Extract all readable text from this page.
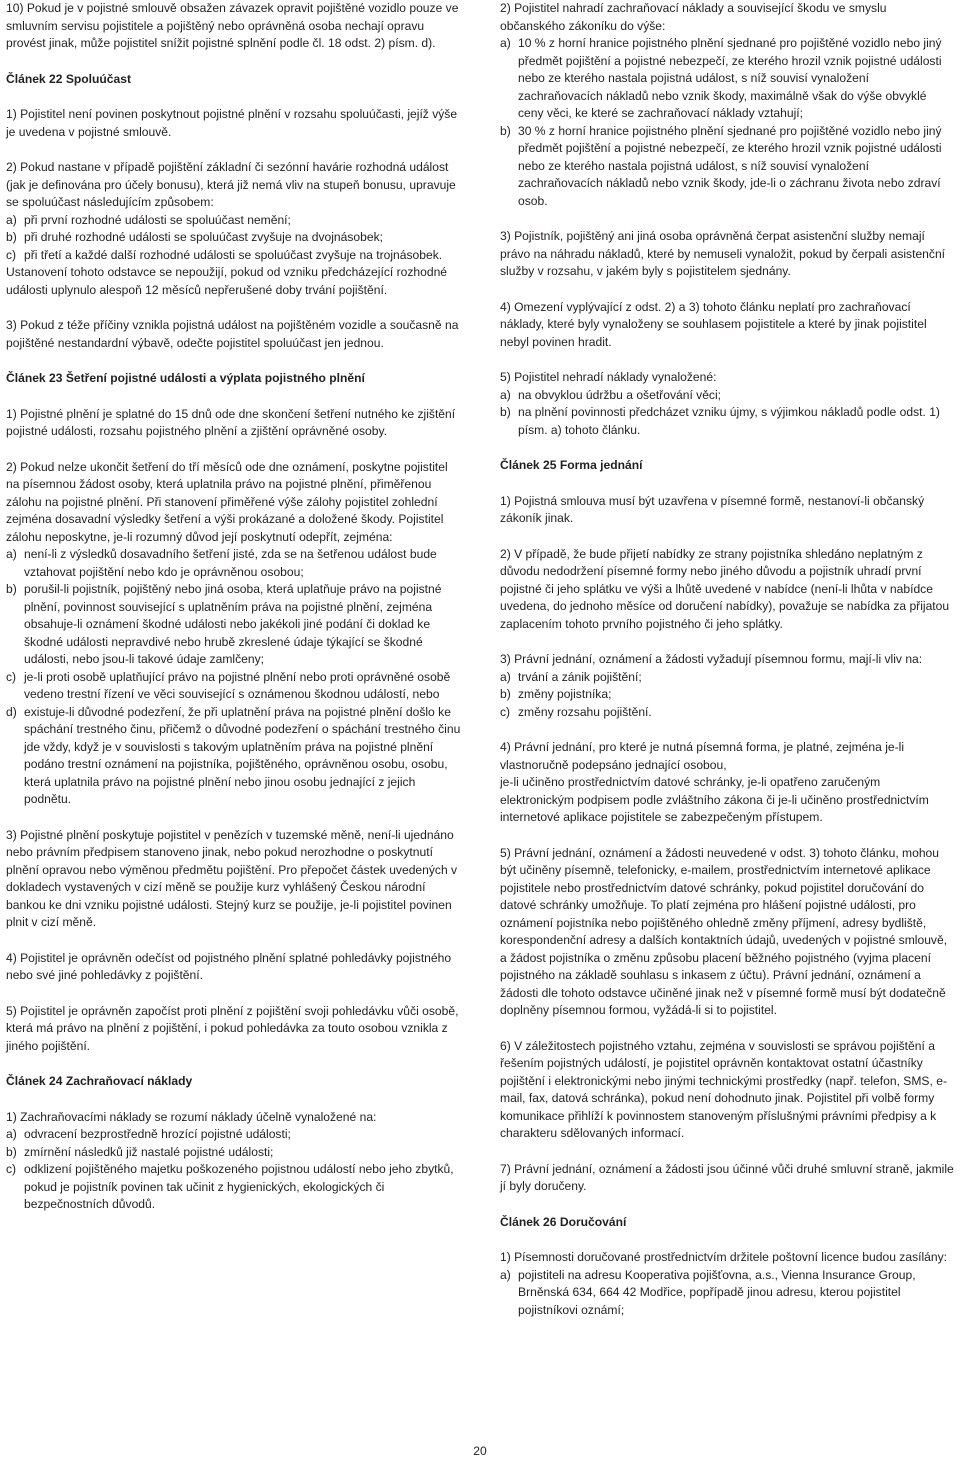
10) Pokud je v pojistné smlouvě obsažen závazek opravit pojištěné vozidlo pouze ve smluvním servisu pojistitele a pojištěný nebo oprávněná osoba nechají opravu provést jinak, může pojistitel snížit pojistné splnění podle čl. 18 odst. 2) písm. d).

Článek 22 Spoluúčast

1) Pojistitel není povinen poskytnout pojistné plnění v rozsahu spoluúčasti, jejíž výše je uvedena v pojistné smlouvě.

2) Pokud nastane v případě pojištění základní či sezónní havárie rozhodná událost (jak je definována pro účely bonusu), která již nemá vliv na stupeň bonusu, upravuje se spoluúčast následujícím způsobem:

a) při první rozhodné události se spoluúčast nemění;
b) při druhé rozhodné události se spoluúčast zvyšuje na dvojnásobek;
c) při třetí a každé další rozhodné události se spoluúčast zvyšuje na trojnásobek.

Ustanovení tohoto odstavce se nepoužijí, pokud od vzniku předcházející rozhodné události uplynulo alespoň 12 měsíců nepřerušené doby trvání pojištění.

3) Pokud z téže příčiny vznikla pojistná událost na pojištěném vozidle a současně na pojištěné nestandardní výbavě, odečte pojistitel spoluúčast jen jednou.

Článek 23 Šetření pojistné události a výplata pojistného plnění

1) Pojistné plnění je splatné do 15 dnů ode dne skončení šetření nutného ke zjištění pojistné události, rozsahu pojistného plnění a zjištění oprávněné osoby.

2) Pokud nelze ukončit šetření do tří měsíců ode dne oznámení, poskytne pojistitel na písemnou žádost osoby, která uplatnila právo na pojistné plnění, přiměřenou zálohu na pojistné plnění. Při stanovení přiměřené výše zálohy pojistitel zohlední zejména dosavadní výsledky šetření a výši prokázané a doložené škody. Pojistitel zálohu neposkytne, je-li rozumný důvod její poskytnutí odepřít, zejména:

a) není-li z výsledků dosavadního šetření jisté, zda se na šetřenou událost bude vztahovat pojištění nebo kdo je oprávněnou osobou;
b) porušil-li pojistník, pojištěný nebo jiná osoba, která uplatňuje právo na pojistné plnění, povinnost související s uplatněním práva na pojistné plnění, zejména obsahuje-li oznámení škodné události nebo jakékoli jiné podání či doklad ke škodné události nepravdivé nebo hrubě zkreslené údaje týkající se škodné události, nebo jsou-li takové údaje zamlčeny;
c) je-li proti osobě uplatňující právo na pojistné plnění nebo proti oprávněné osobě vedeno trestní řízení ve věci související s oznámenou škodnou událostí, nebo
d) existuje-li důvodné podezření, že při uplatnění práva na pojistné plnění došlo ke spáchání trestného činu, přičemž o důvodné podezření o spáchání trestného činu jde vždy, když je v souvislosti s takovým uplatněním práva na pojistné plnění podáno trestní oznámení na pojistníka, pojištěného, oprávněnou osobu, osobu, která uplatnila právo na pojistné plnění nebo jinou osobu jednající z jejich podnětu.

3) Pojistné plnění poskytuje pojistitel v penězích v tuzemské měně, není-li ujednáno nebo právním předpisem stanoveno jinak, nebo pokud nerozhodne o poskytnutí plnění opravou nebo výměnou předmětu pojištění. Pro přepočet částek uvedených v dokladech vystavených v cizí měně se použije kurz vyhlášený Českou národní bankou ke dni vzniku pojistné události. Stejný kurz se použije, je-li pojistitel povinen plnit v cizí měně.

4) Pojistitel je oprávněn odečíst od pojistného plnění splatné pohledávky pojistného nebo své jiné pohledávky z pojištění.

5) Pojistitel je oprávněn započíst proti plnění z pojištění svoji pohledávku vůči osobě, která má právo na plnění z pojištění, i pokud pohledávka za touto osobou vznikla z jiného pojištění.

Článek 24 Zachraňovací náklady

1) Zachraňovacími náklady se rozumí náklady účelně vynaložené na:

a) odvracení bezprostředně hrozící pojistné události;
b) zmírnění následků již nastalé pojistné události;
c) odklizení pojištěného majetku poškozeného pojistnou událostí nebo jeho zbytků, pokud je pojistník povinen tak učinit z hygienických, ekologických či bezpečnostních důvodů.

2) Pojistitel nahradí zachraňovací náklady a související škodu ve smyslu občanského zákoníku do výše:

a) 10 % z horní hranice pojistného plnění sjednané pro pojištěné vozidlo nebo jiný předmět pojištění a pojistné nebezpečí, ze kterého hrozil vznik pojistné události nebo ze kterého nastala pojistná událost, s níž souvisí vynaložení zachraňovacích nákladů nebo vznik škody, maximálně však do výše obvyklé ceny věci, ke které se zachraňovací náklady vztahují;
b) 30 % z horní hranice pojistného plnění sjednané pro pojištěné vozidlo nebo jiný předmět pojištění a pojistné nebezpečí, ze kterého hrozil vznik pojistné události nebo ze kterého nastala pojistná událost, s níž souvisí vynaložení zachraňovacích nákladů nebo vznik škody, jde-li o záchranu života nebo zdraví osob.

3) Pojistník, pojištěný ani jiná osoba oprávněná čerpat asistenční služby nemají právo na náhradu nákladů, které by nemuseli vynaložit, pokud by čerpali asistenční služby v rozsahu, v jakém byly s pojistitelem sjednány.

4) Omezení vyplývající z odst. 2) a 3) tohoto článku neplatí pro zachraňovací náklady, které byly vynaloženy se souhlasem pojistitele a které by jinak pojistitel nebyl povinen hradit.

5) Pojistitel nehradí náklady vynaložené:

a) na obvyklou údržbu a ošetřování věci;
b) na plnění povinnosti předcházet vzniku újmy, s výjimkou nákladů podle odst. 1) písm. a) tohoto článku.
Článek 25 Forma jednání

1) Pojistná smlouva musí být uzavřena v písemné formě, nestanoví-li občanský zákoník jinak.

2) V případě, že bude přijetí nabídky ze strany pojistníka shledáno neplatným z důvodu nedodržení písemné formy nebo jiného důvodu a pojistník uhradí první pojistné či jeho splátku ve výši a lhůtě uvedené v nabídce (není-li lhůta v nabídce uvedena, do jednoho měsíce od doručení nabídky), považuje se nabídka za přijatou zaplacením tohoto prvního pojistného či jeho splátky.

3) Právní jednání, oznámení a žádosti vyžadují písemnou formu, mají-li vliv na:

a) trvání a zánik pojištění;
b) změny pojistníka;
c) změny rozsahu pojištění.

4) Právní jednání, pro které je nutná písemná forma, je platné, zejména je-li vlastnoručně podepsáno jednající osobou,

je-li učiněno prostřednictvím datové schránky, je-li opatřeno zaručeným elektronickým podpisem podle zvláštního zákona či je-li učiněno prostřednictvím internetové aplikace pojistitele se zabezpečeným přístupem.

5) Právní jednání, oznámení a žádosti neuvedené v odst. 3) tohoto článku, mohou být učiněny písemně, telefonicky, e-mailem, prostřednictvím internetové aplikace pojistitele nebo prostřednictvím datové schránky, pokud pojistitel doručování do datové schránky umožňuje. To platí zejména pro hlášení pojistné události, pro oznámení pojistníka nebo pojištěného ohledně změny příjmení, adresy bydliště, korespondenční adresy a dalších kontaktních údajů, uvedených v pojistné smlouvě, a žádost pojistníka o změnu způsobu placení běžného pojistného (vyjma placení pojistného na základě souhlasu s inkasem z účtu). Právní jednání, oznámení a žádosti dle tohoto odstavce učiněné jinak než v písemné formě musí být dodatečně doplněny písemnou formou, vyžádá-li si to pojistitel.

6) V záležitostech pojistného vztahu, zejména v souvislosti se správou pojištění a řešením pojistných událostí, je pojistitel oprávněn kontaktovat ostatní účastníky pojištění i elektronickými nebo jinými technickými prostředky (např. telefon, SMS, e-mail, fax, datová schránka), pokud není dohodnuto jinak. Pojistitel při volbě formy komunikace přihlíží k povinnostem stanoveným příslušnými právními předpisy a k charakteru sdělovaných informací.

7) Právní jednání, oznámení a žádosti jsou účinné vůči druhé smluvní straně, jakmile jí byly doručeny.

Článek 26 Doručování

1) Písemnosti doručované prostřednictvím držitele poštovní licence budou zasílány:

a) pojistiteli na adresu Kooperativa pojišťovna, a.s., Vienna Insurance Group, Brněnská 634, 664 42 Modřice, popřípadě jinou adresu, kterou pojistitel pojistníkovi oznámí;
20
